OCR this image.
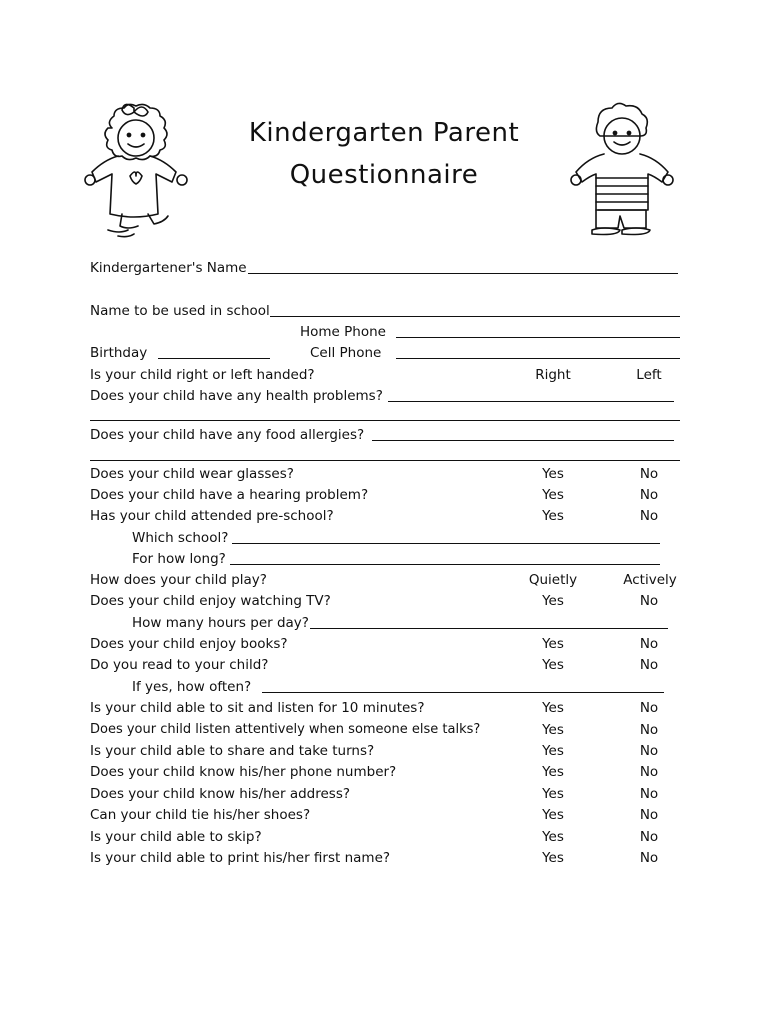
Kindergarten Parent
Questionnaire
Kindergartener's Name
Name to be used in school
Home Phone
Birthday	Cell Phone
Is your child right or left handed?	Right	Left
Does your child have any health problems?
Does your child have any food allergies?
Does your child wear glasses?	Yes	No
Does your child have a hearing problem?	Yes	No
Has your child attended pre-school?	Yes	No
Which school?
For how long?
How does your child play?	Quietly	Actively
Does your child enjoy watching TV?	Yes	No
How many hours per day?
Does your child enjoy books?	Yes	No
Do you read to your child?	Yes	No
If yes, how often?
Is your child able to sit and listen for 10 minutes?	Yes	No
Does your child listen attentively when someone else talks?	Yes	No
Is your child able to share and take turns?	Yes	No
Does your child know his/her phone number?	Yes	No
Does your child know his/her address?	Yes	No
Can your child tie his/her shoes?	Yes	No
Is your child able to skip?	Yes	No
Is your child able to print his/her first name?	Yes	No
